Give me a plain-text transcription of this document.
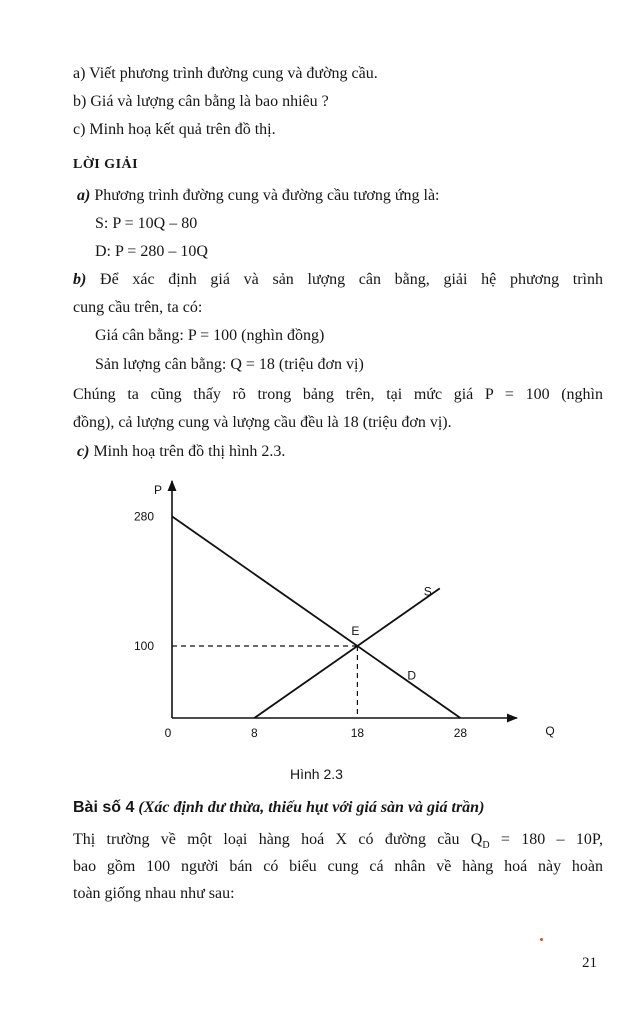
a) Viết phương trình đường cung và đường cầu.
b) Giá và lượng cân bằng là bao nhiêu ?
c) Minh hoạ kết quả trên đồ thị.
LỜI GIẢI
a) Phương trình đường cung và đường cầu tương ứng là:
S: P = 10Q – 80
D: P = 280 – 10Q
b) Để xác định giá và sản lượng cân bằng, giải hệ phương trình
cung cầu trên, ta có:
Giá cân bằng: P = 100 (nghìn đồng)
Sản lượng cân bằng: Q = 18 (triệu đơn vị)
Chúng ta cũng thấy rõ trong bảng trên, tại mức giá P = 100 (nghìn
đồng), cả lượng cung và lượng cầu đều là 18 (triệu đơn vị).
c) Minh hoạ trên đồ thị hình 2.3.
Q
P
S
D
E
0	8	18	28
280
100
Hình 2.3
Bài số 4 (Xác định dư thừa, thiếu hụt với giá sàn và giá trần)
Thị trường về một loại hàng hoá X có đường cầu $Q_D = 180 - 10P$,
bao gồm 100 người bán có biểu cung cá nhân về hàng hoá này hoàn
toàn giống nhau như sau:
21
